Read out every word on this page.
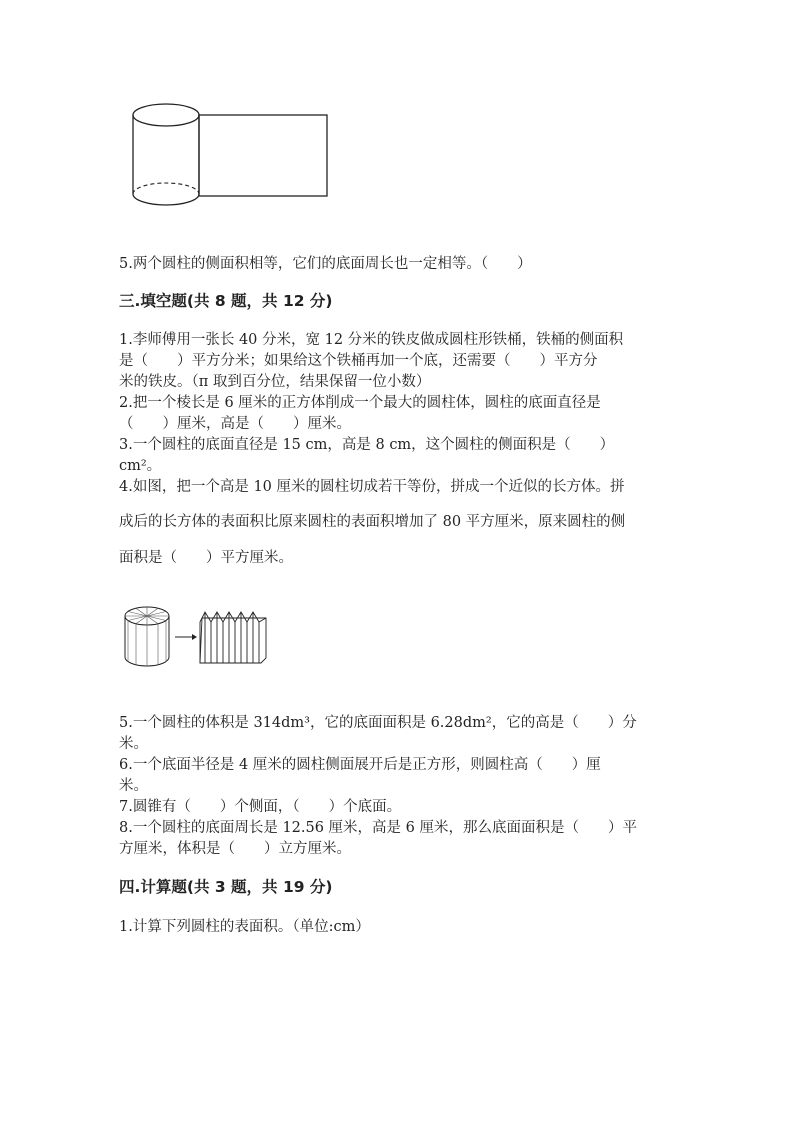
5.两个圆柱的侧面积相等，它们的底面周长也一定相等。（　　）
三.填空题(共 8 题，共 12 分)
1.李师傅用一张长 40 分米，宽 12 分米的铁皮做成圆柱形铁桶，铁桶的侧面积
是（　　）平方分米；如果给这个铁桶再加一个底，还需要（　　）平方分
米的铁皮。（π 取到百分位，结果保留一位小数）
2.把一个棱长是 6 厘米的正方体削成一个最大的圆柱体，圆柱的底面直径是
（　　）厘米，高是（　　）厘米。
3.一个圆柱的底面直径是 15 cm，高是 8 cm，这个圆柱的侧面积是（　　）
cm²。
4.如图，把一个高是 10 厘米的圆柱切成若干等份，拼成一个近似的长方体。拼
成后的长方体的表面积比原来圆柱的表面积增加了 80 平方厘米，原来圆柱的侧
面积是（　　）平方厘米。
5.一个圆柱的体积是 314dm³，它的底面面积是 6.28dm²，它的高是（　　）分
米。
6.一个底面半径是 4 厘米的圆柱侧面展开后是正方形，则圆柱高（　　）厘
米。
7.圆锥有（　　）个侧面，（　　）个底面。
8.一个圆柱的底面周长是 12.56 厘米，高是 6 厘米，那么底面面积是（　　）平
方厘米，体积是（　　）立方厘米。
四.计算题(共 3 题，共 19 分)
1.计算下列圆柱的表面积。（单位:cm）
